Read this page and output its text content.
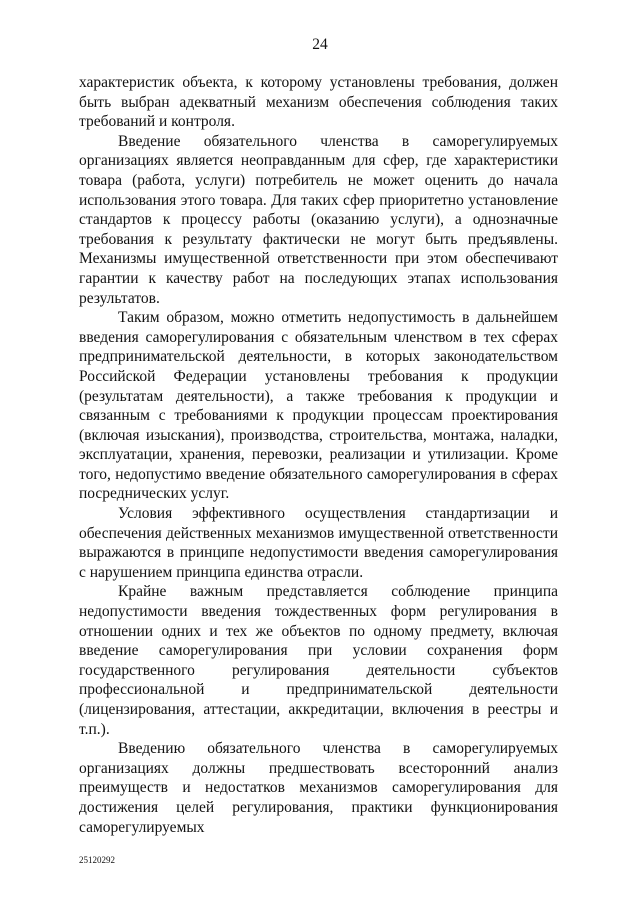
24

характеристик объекта, к которому установлены требования, должен быть выбран адекватный механизм обеспечения соблюдения таких требований и контроля.

Введение обязательного членства в саморегулируемых организациях является неоправданным для сфер, где характеристики товара (работа, услуги) потребитель не может оценить до начала использования этого товара. Для таких сфер приоритетно установление стандартов к процессу работы (оказанию услуги), а однозначные требования к результату фактически не могут быть предъявлены. Механизмы имущественной ответственности при этом обеспечивают гарантии к качеству работ на последующих этапах использования результатов.

Таким образом, можно отметить недопустимость в дальнейшем введения саморегулирования с обязательным членством в тех сферах предпринимательской деятельности, в которых законодательством Российской Федерации установлены требования к продукции (результатам деятельности), а также требования к продукции и связанным с требованиями к продукции процессам проектирования (включая изыскания), производства, строительства, монтажа, наладки, эксплуатации, хранения, перевозки, реализации и утилизации. Кроме того, недопустимо введение обязательного саморегулирования в сферах посреднических услуг.

Условия эффективного осуществления стандартизации и обеспечения действенных механизмов имущественной ответственности выражаются в принципе недопустимости введения саморегулирования с нарушением принципа единства отрасли.

Крайне важным представляется соблюдение принципа недопустимости введения тождественных форм регулирования в отношении одних и тех же объектов по одному предмету, включая введение саморегулирования при условии сохранения форм государственного регулирования деятельности субъектов профессиональной и предпринимательской деятельности (лицензирования, аттестации, аккредитации, включения в реестры и т.п.).

Введению обязательного членства в саморегулируемых организациях должны предшествовать всесторонний анализ преимуществ и недостатков механизмов саморегулирования для достижения целей регулирования, практики функционирования саморегулируемых

25120292
